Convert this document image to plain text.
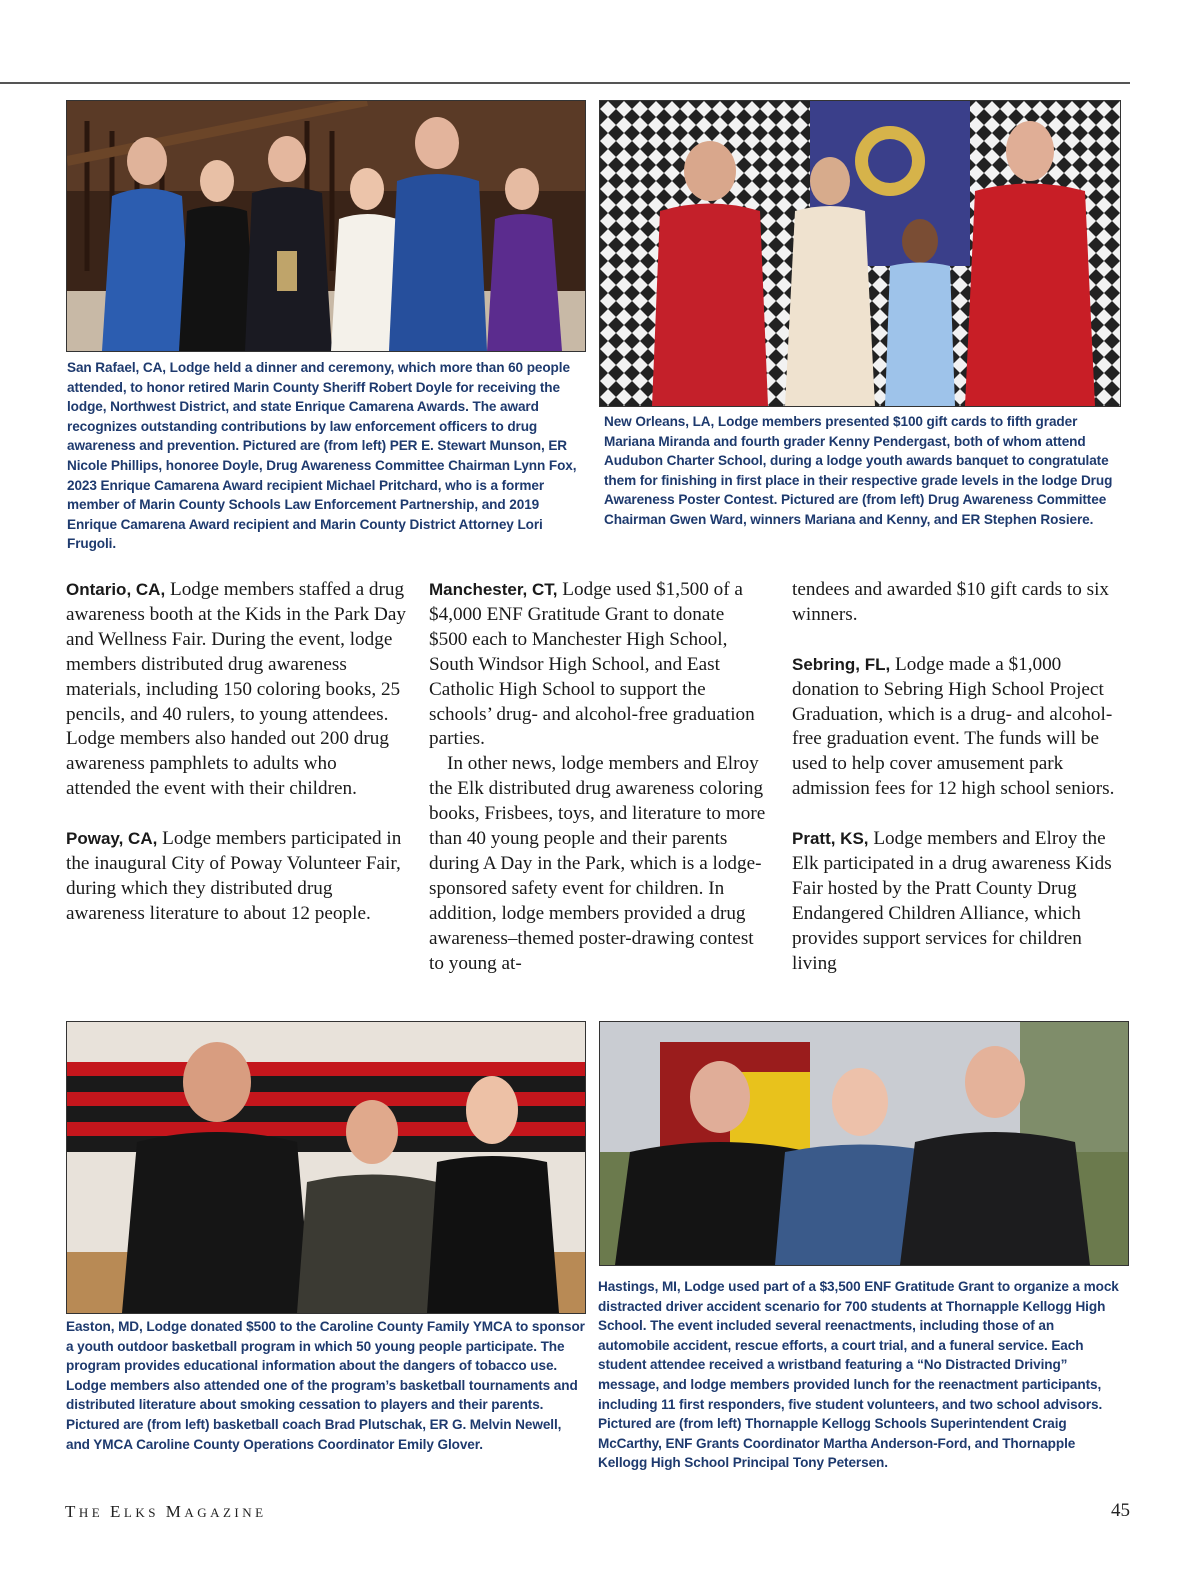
San Rafael, CA, Lodge held a dinner and ceremony, which more than 60 people attended, to honor retired Marin County Sheriff Robert Doyle for receiving the lodge, Northwest District, and state Enrique Camarena Awards. The award recognizes outstanding contributions by law enforcement officers to drug awareness and prevention. Pictured are (from left) PER E. Stewart Munson, ER Nicole Phillips, honoree Doyle, Drug Awareness Committee Chairman Lynn Fox, 2023 Enrique Camarena Award recipient Michael Pritchard, who is a former member of Marin County Schools Law Enforcement Partnership, and 2019 Enrique Camarena Award recipient and Marin County District Attorney Lori Frugoli.
New Orleans, LA, Lodge members presented $100 gift cards to fifth grader Mariana Miranda and fourth grader Kenny Pendergast, both of whom attend Audubon Charter School, during a lodge youth awards banquet to congratulate them for finishing in first place in their respective grade levels in the lodge Drug Awareness Poster Contest. Pictured are (from left) Drug Awareness Committee Chairman Gwen Ward, winners Mariana and Kenny, and ER Stephen Rosiere.

Ontario, CA, Lodge members staffed a drug awareness booth at the Kids in the Park Day and Wellness Fair. During the event, lodge members distributed drug awareness materials, including 150 coloring books, 25 pencils, and 40 rulers, to young attendees. Lodge members also handed out 200 drug awareness pamphlets to adults who attended the event with their children.

Poway, CA, Lodge members participated in the inaugural City of Poway Volunteer Fair, during which they distributed drug awareness literature to about 12 people.

Manchester, CT, Lodge used $1,500 of a $4,000 ENF Gratitude Grant to donate $500 each to Manchester High School, South Windsor High School, and East Catholic High School to support the schools’ drug- and alcohol-free graduation parties.

In other news, lodge members and Elroy the Elk distributed drug awareness coloring books, Frisbees, toys, and literature to more than 40 young people and their parents during A Day in the Park, which is a lodge-sponsored safety event for children. In addition, lodge members provided a drug awareness–themed poster-drawing contest to young at-

tendees and awarded $10 gift cards to six winners.

Sebring, FL, Lodge made a $1,000 donation to Sebring High School Project Graduation, which is a drug- and alcohol-free graduation event. The funds will be used to help cover amusement park admission fees for 12 high school seniors.

Pratt, KS, Lodge members and Elroy the Elk participated in a drug awareness Kids Fair hosted by the Pratt County Drug Endangered Children Alliance, which provides support services for children living

Hastings, MI, Lodge used part of a $3,500 ENF Gratitude Grant to organize a mock distracted driver accident scenario for 700 students at Thornapple Kellogg High School. The event included several reenactments, including those of an automobile accident, rescue efforts, a court trial, and a funeral service. Each student attendee received a wristband featuring a “No Distracted Driving” message, and lodge members provided lunch for the reenactment participants, including 11 first responders, five student volunteers, and two school advisors. Pictured are (from left) Thornapple Kellogg Schools Superintendent Craig McCarthy, ENF Grants Coordinator Martha Anderson-Ford, and Thornapple Kellogg High School Principal Tony Petersen.
Easton, MD, Lodge donated $500 to the Caroline County Family YMCA to sponsor a youth outdoor basketball program in which 50 young people participate. The program provides educational information about the dangers of tobacco use. Lodge members also attended one of the program’s basketball tournaments and distributed literature about smoking cessation to players and their parents. Pictured are (from left) basketball coach Brad Plutschak, ER G. Melvin Newell, and YMCA Caroline County Operations Coordinator Emily Glover.
THE ELKS MAGAZINE	45
